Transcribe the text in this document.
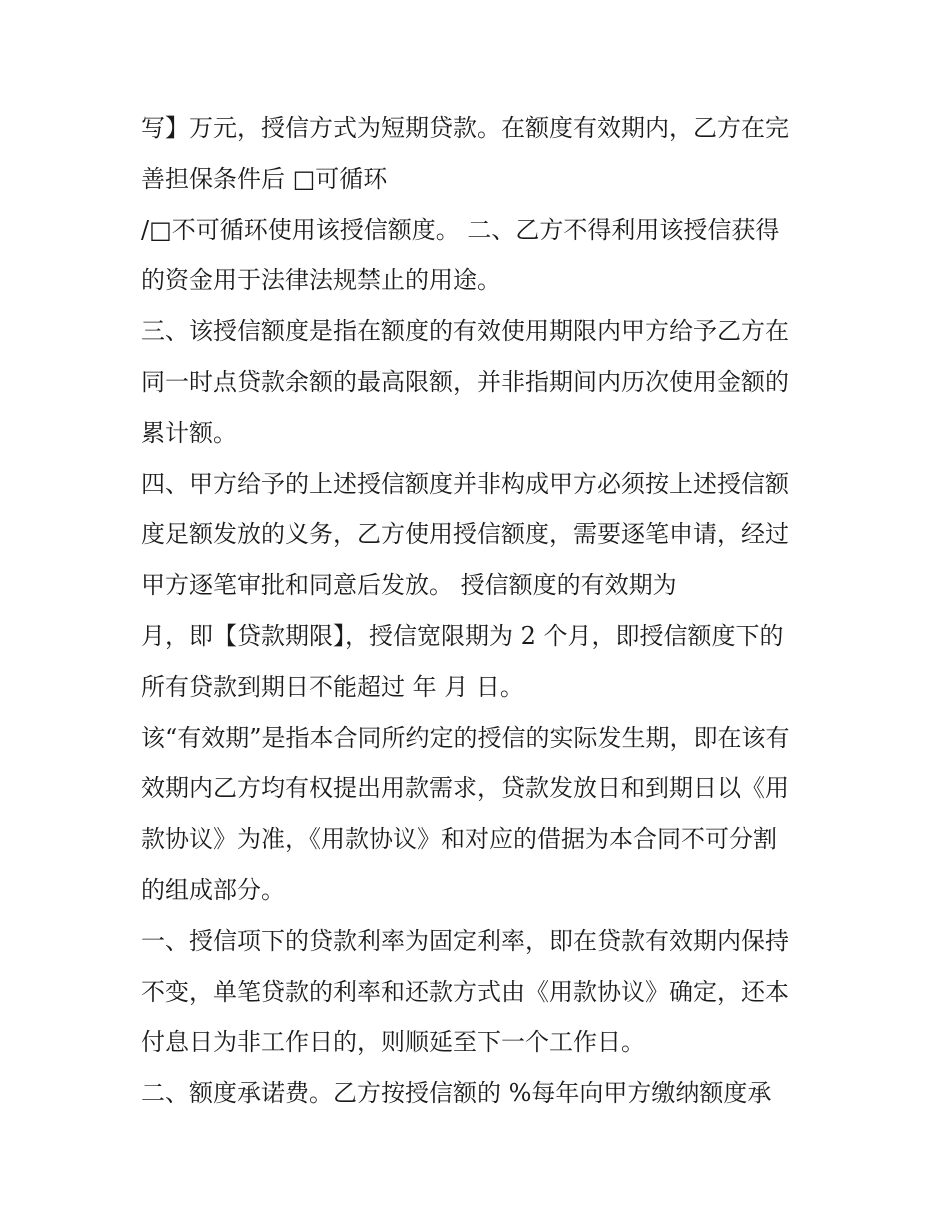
写】万元，授信方式为短期贷款。在额度有效期内，乙方在完
善担保条件后 □可循环
/□不可循环使用该授信额度。 二、乙方不得利用该授信获得
的资金用于法律法规禁止的用途。
三、该授信额度是指在额度的有效使用期限内甲方给予乙方在
同一时点贷款余额的最高限额，并非指期间内历次使用金额的
累计额。
四、甲方给予的上述授信额度并非构成甲方必须按上述授信额
度足额发放的义务，乙方使用授信额度，需要逐笔申请，经过
甲方逐笔审批和同意后发放。 授信额度的有效期为
月，即【贷款期限】，授信宽限期为 2 个月，即授信额度下的
所有贷款到期日不能超过 年 月 日。
该“有效期”是指本合同所约定的授信的实际发生期，即在该有
效期内乙方均有权提出用款需求，贷款发放日和到期日以《用
款协议》为准，《用款协议》和对应的借据为本合同不可分割
的组成部分。
一、授信项下的贷款利率为固定利率，即在贷款有效期内保持
不变，单笔贷款的利率和还款方式由《用款协议》确定，还本
付息日为非工作日的，则顺延至下一个工作日。
二、额度承诺费。乙方按授信额的 %每年向甲方缴纳额度承
